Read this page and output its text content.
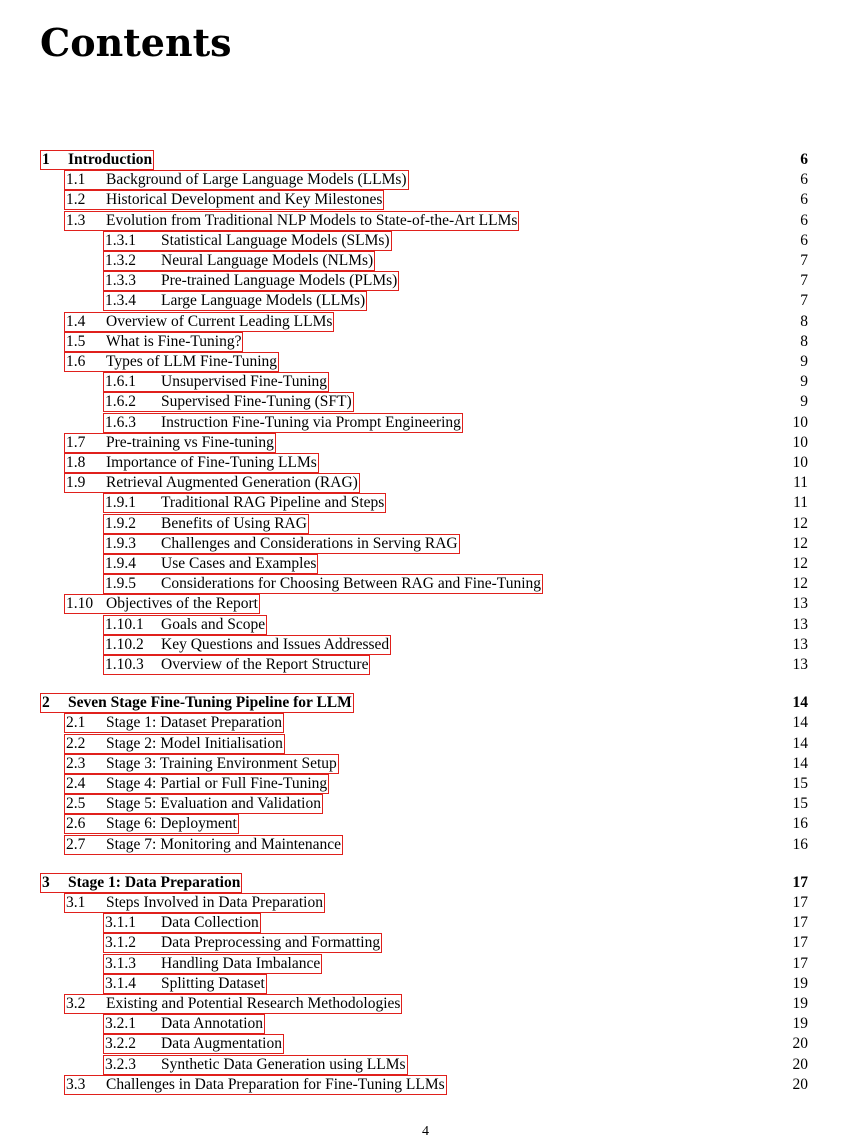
Contents
1	Introduction	6
1.1	Background of Large Language Models (LLMs)	6
1.2	Historical Development and Key Milestones	6
1.3	Evolution from Traditional NLP Models to State-of-the-Art LLMs	6
1.3.1	Statistical Language Models (SLMs)	6
1.3.2	Neural Language Models (NLMs)	7
1.3.3	Pre-trained Language Models (PLMs)	7
1.3.4	Large Language Models (LLMs)	7
1.4	Overview of Current Leading LLMs	8
1.5	What is Fine-Tuning?	8
1.6	Types of LLM Fine-Tuning	9
1.6.1	Unsupervised Fine-Tuning	9
1.6.2	Supervised Fine-Tuning (SFT)	9
1.6.3	Instruction Fine-Tuning via Prompt Engineering	10
1.7	Pre-training vs Fine-tuning	10
1.8	Importance of Fine-Tuning LLMs	10
1.9	Retrieval Augmented Generation (RAG)	11
1.9.1	Traditional RAG Pipeline and Steps	11
1.9.2	Benefits of Using RAG	12
1.9.3	Challenges and Considerations in Serving RAG	12
1.9.4	Use Cases and Examples	12
1.9.5	Considerations for Choosing Between RAG and Fine-Tuning	12
1.10 Objectives of the Report	13
1.10.1	Goals and Scope	13
1.10.2	Key Questions and Issues Addressed	13
1.10.3	Overview of the Report Structure	13
2	Seven Stage Fine-Tuning Pipeline for LLM	14
2.1	Stage 1: Dataset Preparation	14
2.2	Stage 2: Model Initialisation	14
2.3	Stage 3: Training Environment Setup	14
2.4	Stage 4: Partial or Full Fine-Tuning	15
2.5	Stage 5: Evaluation and Validation	15
2.6	Stage 6: Deployment	16
2.7	Stage 7: Monitoring and Maintenance	16
3	Stage 1: Data Preparation	17
3.1	Steps Involved in Data Preparation	17
3.1.1	Data Collection	17
3.1.2	Data Preprocessing and Formatting	17
3.1.3	Handling Data Imbalance	17
3.1.4	Splitting Dataset	19
3.2	Existing and Potential Research Methodologies	19
3.2.1	Data Annotation	19
3.2.2	Data Augmentation	20
3.2.3	Synthetic Data Generation using LLMs	20
3.3	Challenges in Data Preparation for Fine-Tuning LLMs	20
4
